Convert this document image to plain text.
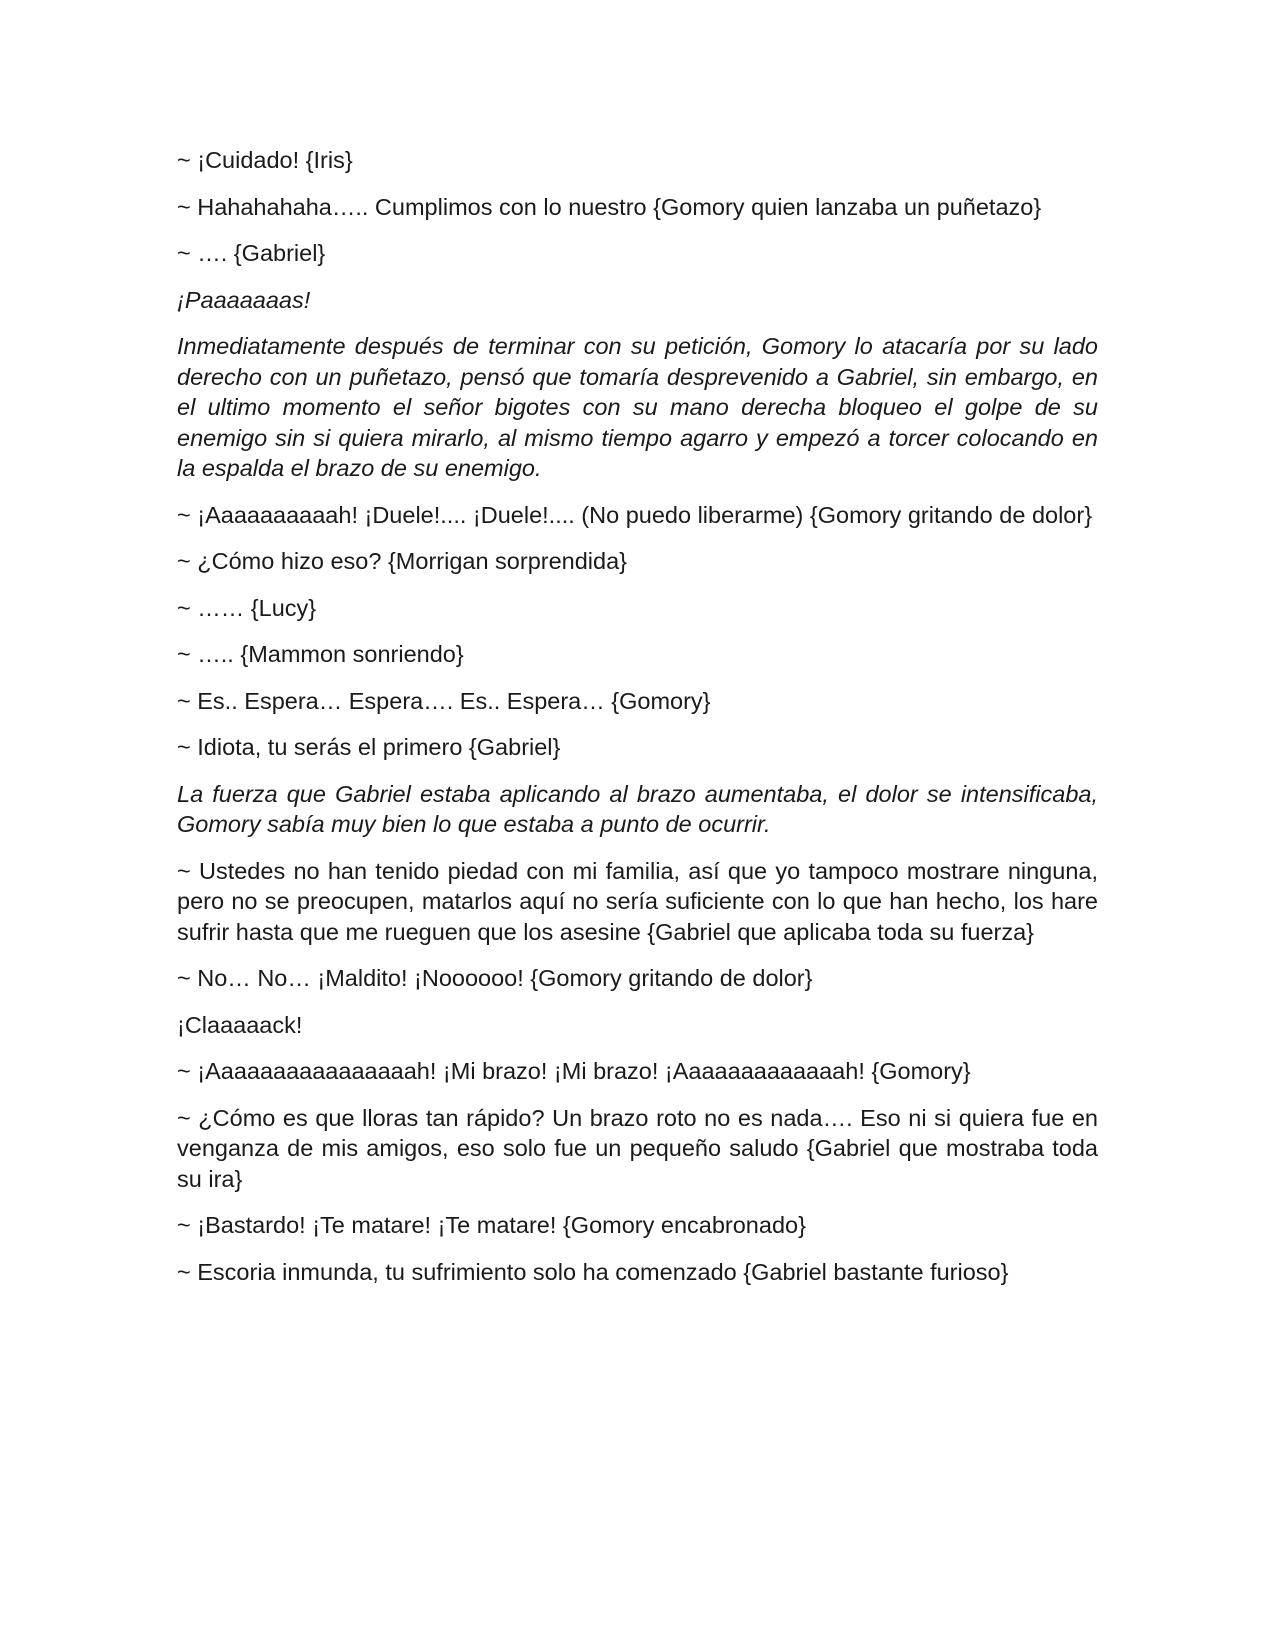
~ ¡Cuidado! {Iris}

~ Hahahahaha….. Cumplimos con lo nuestro {Gomory quien lanzaba un puñetazo}

~ …. {Gabriel}

¡Paaaaaaas!

Inmediatamente después de terminar con su petición, Gomory lo atacaría por su lado derecho con un puñetazo, pensó que tomaría desprevenido a Gabriel, sin embargo, en el ultimo momento el señor bigotes con su mano derecha bloqueo el golpe de su enemigo sin si quiera mirarlo, al mismo tiempo agarro y empezó a torcer colocando en la espalda el brazo de su enemigo.

~ ¡Aaaaaaaaaah! ¡Duele!.... ¡Duele!.... (No puedo liberarme) {Gomory gritando de dolor}

~ ¿Cómo hizo eso? {Morrigan sorprendida}

~ …… {Lucy}

~ ….. {Mammon sonriendo}

~ Es.. Espera… Espera…. Es.. Espera… {Gomory}

~ Idiota, tu serás el primero {Gabriel}

La fuerza que Gabriel estaba aplicando al brazo aumentaba, el dolor se intensificaba, Gomory sabía muy bien lo que estaba a punto de ocurrir.

~ Ustedes no han tenido piedad con mi familia, así que yo tampoco mostrare ninguna, pero no se preocupen, matarlos aquí no sería suficiente con lo que han hecho, los hare sufrir hasta que me rueguen que los asesine {Gabriel que aplicaba toda su fuerza}

~ No… No… ¡Maldito! ¡Noooooo! {Gomory gritando de dolor}

¡Claaaaack!

~ ¡Aaaaaaaaaaaaaaaah! ¡Mi brazo! ¡Mi brazo! ¡Aaaaaaaaaaaaah! {Gomory}

~ ¿Cómo es que lloras tan rápido? Un brazo roto no es nada…. Eso ni si quiera fue en venganza de mis amigos, eso solo fue un pequeño saludo {Gabriel que mostraba toda su ira}

~ ¡Bastardo! ¡Te matare! ¡Te matare! {Gomory encabronado}

~ Escoria inmunda, tu sufrimiento solo ha comenzado {Gabriel bastante furioso}
